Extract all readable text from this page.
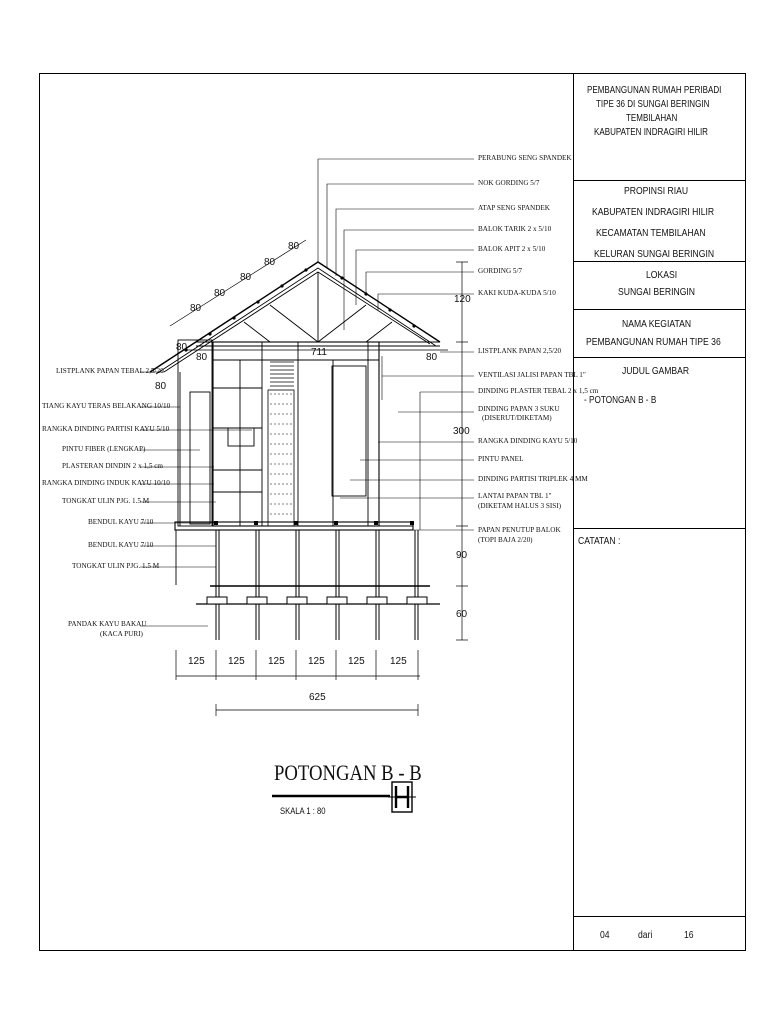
LISTPLANK PAPAN TEBAL 2,5/20
TIANG KAYU TERAS BELAKANG 10/10
RANGKA DINDING PARTISI KAYU 5/10
PINTU FIBER (LENGKAP)
PLASTERAN DINDIN 2 x 1,5 cm
RANGKA DINDING INDUK KAYU 10/10
TONGKAT ULIN PJG. 1.5 M
BENDUL KAYU 7/10
BENDUL KAYU 7/10
TONGKAT ULIN PJG. 1.5 M
PANDAK KAYU BAKAU
(KACA PURI)
PERABUNG SENG SPANDEK
NOK GORDING 5/7
ATAP SENG SPANDEK
BALOK TARIK 2 x 5/10
BALOK APIT 2 x 5/10
GORDING 5/7
KAKI KUDA-KUDA 5/10
LISTPLANK PAPAN 2,5/20
VENTILASI JALISI PAPAN TBL 1"
DINDING PLASTER TEBAL 2 x 1,5 cm
DINDING PAPAN 3 SUKU
(DISERUT/DIKETAM)
RANGKA DINDING KAYU 5/10
PINTU PANEL
DINDING PARTISI TRIPLEK 4 MM
LANTAI PAPAN TBL 1"
(DIKETAM HALUS 3 SISI)
PAPAN PENUTUP BALOK
(TOPI BAJA 2/20)
80
80
80
80
80
80
80
80	711	80
120
300
90
60
125 125 125 125 125	125
625
POTONGAN B - B
SKALA 1 : 80
PEMBANGUNAN RUMAH PERIBADI
TIPE 36 DI SUNGAI BERINGIN
TEMBILAHAN
KABUPATEN INDRAGIRI HILIR
PROPINSI RIAU
KABUPATEN INDRAGIRI HILIR
KECAMATAN TEMBILAHAN
KELURAN SUNGAI BERINGIN
LOKASI
SUNGAI BERINGIN
NAMA KEGIATAN
PEMBANGUNAN RUMAH TIPE 36
JUDUL GAMBAR
- POTONGAN B - B
CATATAN :
04	dari	16
